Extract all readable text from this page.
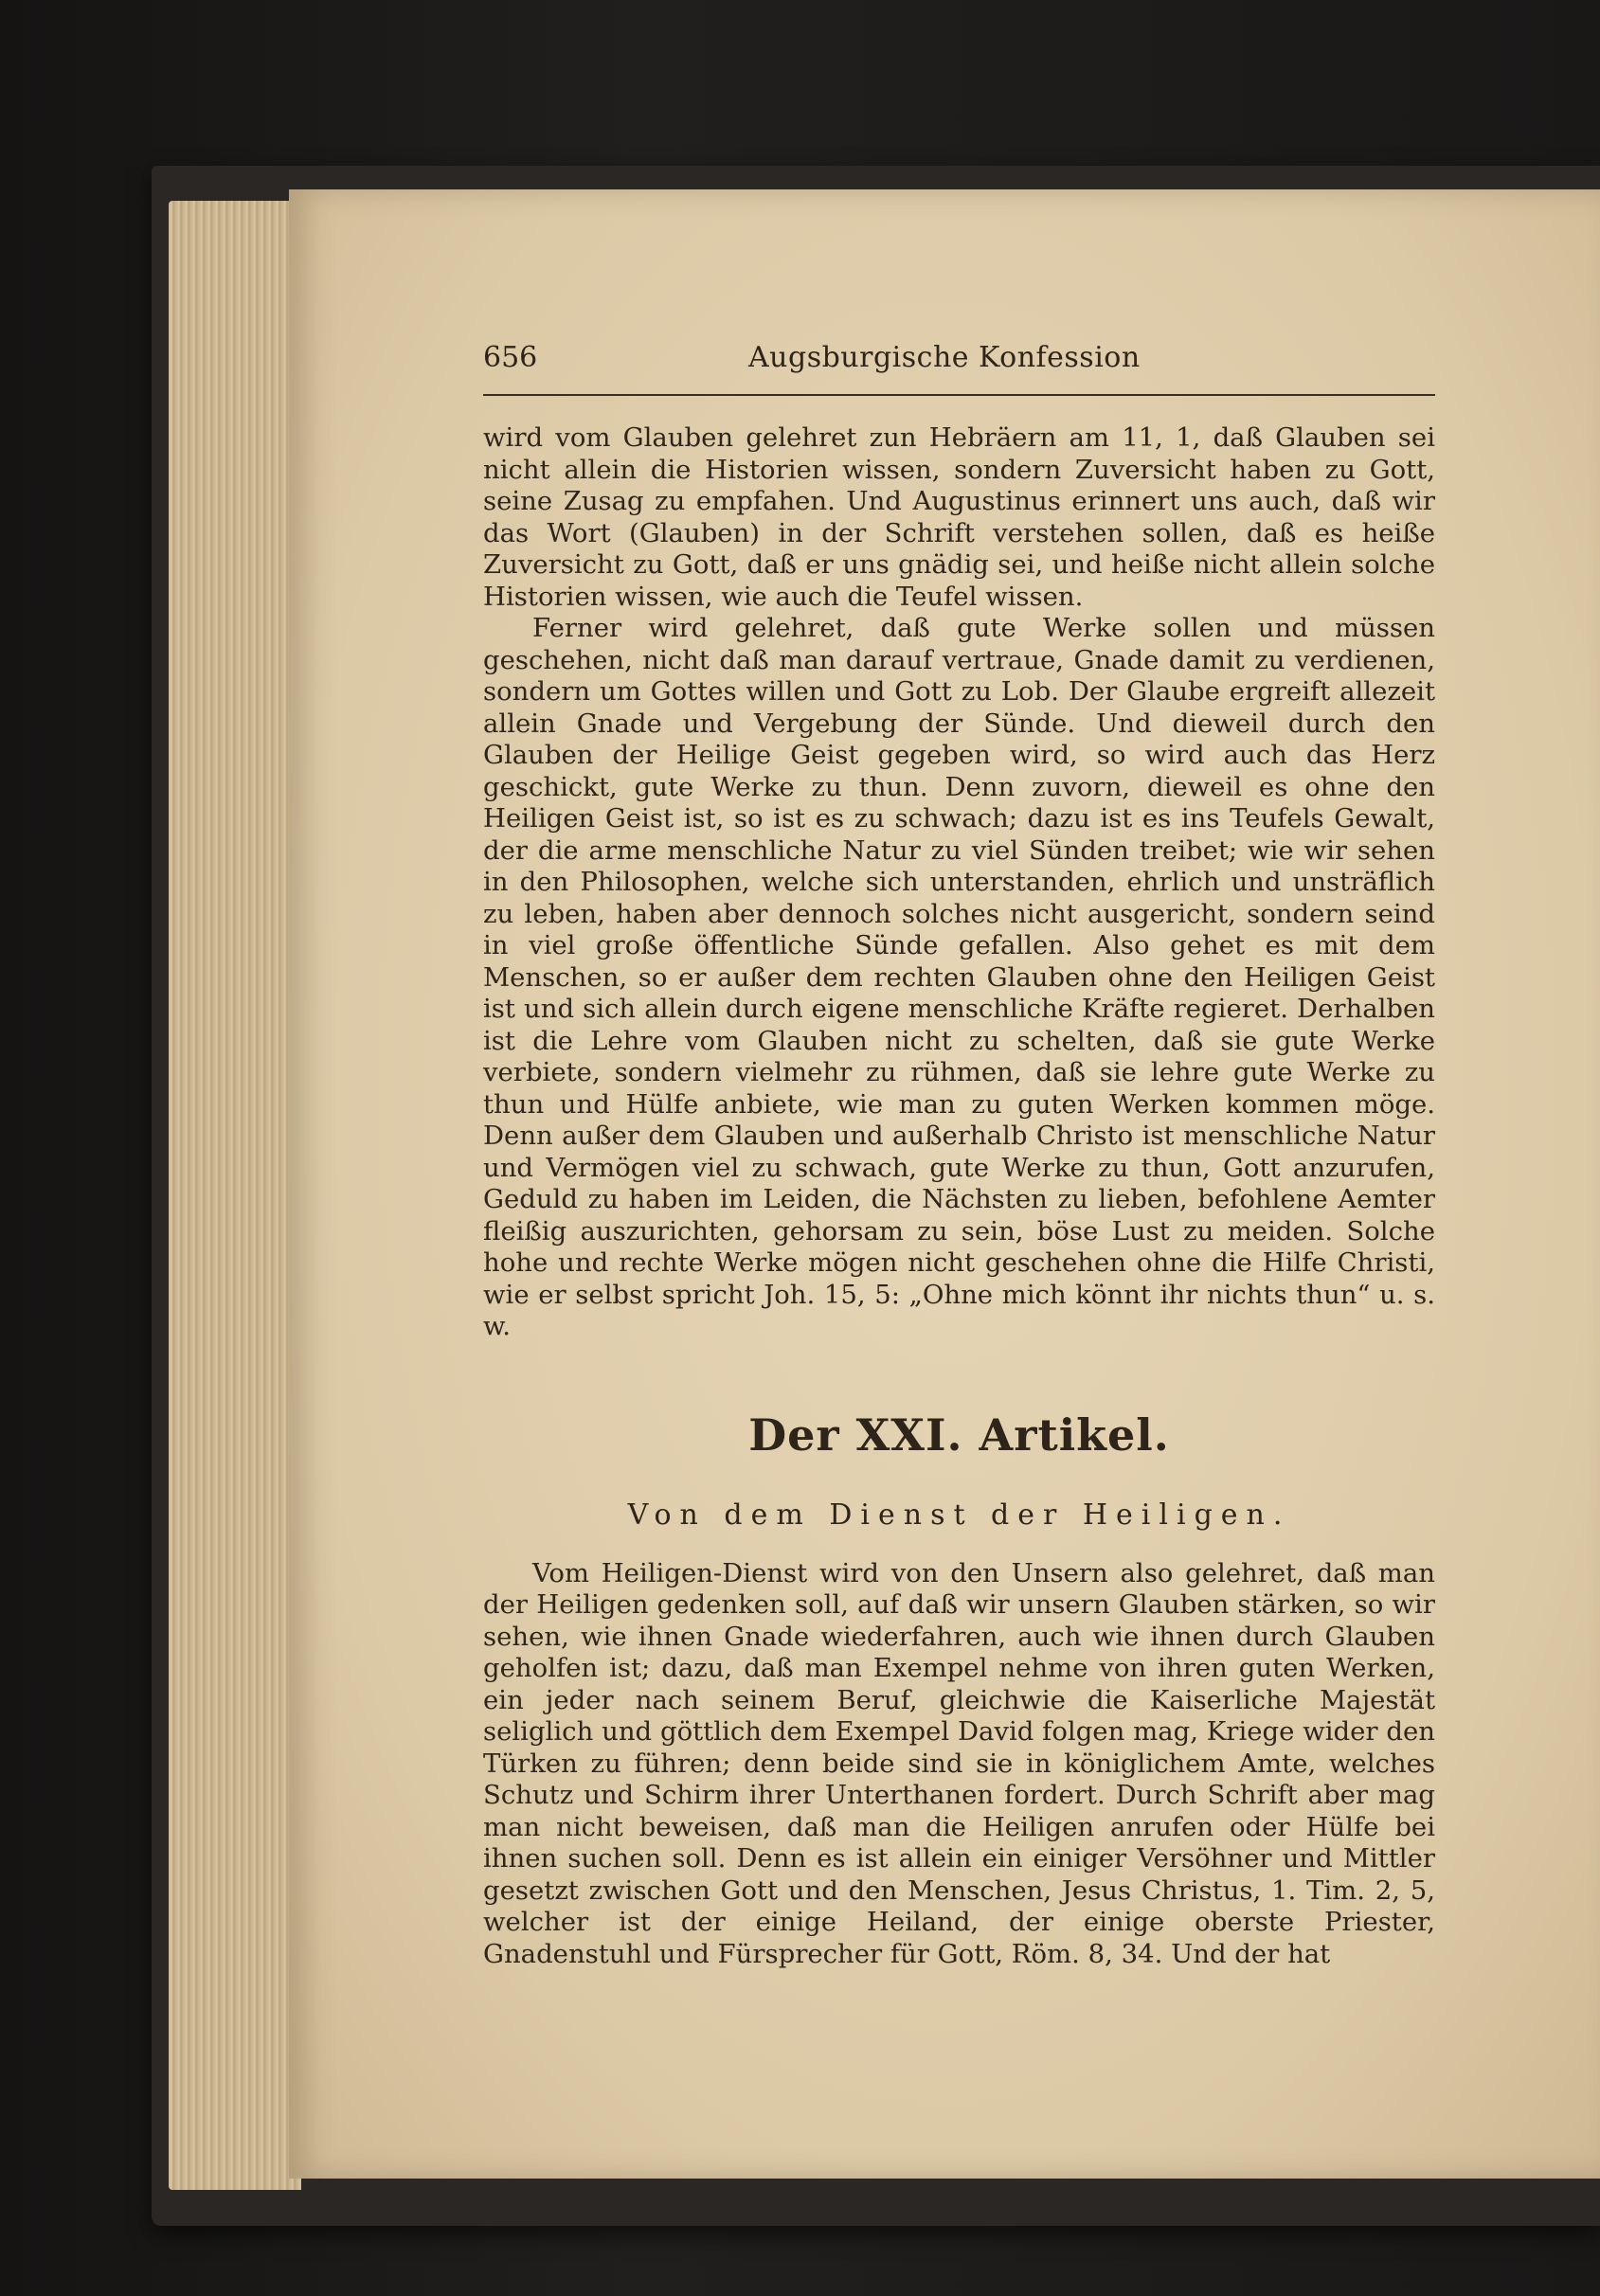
656	Augsburgische Konfession

wird vom Glauben gelehret zun Hebräern am 11, 1, daß Glauben sei nicht allein die Historien wissen, sondern Zuversicht haben zu Gott, seine Zusag zu empfahen. Und Augustinus erinnert uns auch, daß wir das Wort (Glauben) in der Schrift verstehen sollen, daß es heiße Zuversicht zu Gott, daß er uns gnädig sei, und heiße nicht allein solche Historien wissen, wie auch die Teufel wissen.

Ferner wird gelehret, daß gute Werke sollen und müssen geschehen, nicht daß man darauf vertraue, Gnade damit zu verdienen, sondern um Gottes willen und Gott zu Lob. Der Glaube ergreift allezeit allein Gnade und Vergebung der Sünde. Und dieweil durch den Glauben der Heilige Geist gegeben wird, so wird auch das Herz geschickt, gute Werke zu thun. Denn zuvorn, dieweil es ohne den Heiligen Geist ist, so ist es zu schwach; dazu ist es ins Teufels Gewalt, der die arme menschliche Natur zu viel Sünden treibet; wie wir sehen in den Philosophen, welche sich unterstanden, ehrlich und unsträflich zu leben, haben aber dennoch solches nicht ausgericht, sondern seind in viel große öffentliche Sünde gefallen. Also gehet es mit dem Menschen, so er außer dem rechten Glauben ohne den Heiligen Geist ist und sich allein durch eigene menschliche Kräfte regieret. Derhalben ist die Lehre vom Glauben nicht zu schelten, daß sie gute Werke verbiete, sondern vielmehr zu rühmen, daß sie lehre gute Werke zu thun und Hülfe anbiete, wie man zu guten Werken kommen möge. Denn außer dem Glauben und außerhalb Christo ist menschliche Natur und Vermögen viel zu schwach, gute Werke zu thun, Gott anzurufen, Geduld zu haben im Leiden, die Nächsten zu lieben, befohlene Aemter fleißig auszurichten, gehorsam zu sein, böse Lust zu meiden. Solche hohe und rechte Werke mögen nicht geschehen ohne die Hilfe Christi, wie er selbst spricht Joh. 15, 5: „Ohne mich könnt ihr nichts thun“ u. s. w.

Der XXI. Artikel.
Von dem Dienst der Heiligen.

Vom Heiligen-Dienst wird von den Unsern also gelehret, daß man der Heiligen gedenken soll, auf daß wir unsern Glauben stärken, so wir sehen, wie ihnen Gnade wiederfahren, auch wie ihnen durch Glauben geholfen ist; dazu, daß man Exempel nehme von ihren guten Werken, ein jeder nach seinem Beruf, gleichwie die Kaiserliche Majestät seliglich und göttlich dem Exempel David folgen mag, Kriege wider den Türken zu führen; denn beide sind sie in königlichem Amte, welches Schutz und Schirm ihrer Unterthanen fordert. Durch Schrift aber mag man nicht beweisen, daß man die Heiligen anrufen oder Hülfe bei ihnen suchen soll. Denn es ist allein ein einiger Versöhner und Mittler gesetzt zwischen Gott und den Menschen, Jesus Christus, 1. Tim. 2, 5, welcher ist der einige Heiland, der einige oberste Priester, Gnadenstuhl und Fürsprecher für Gott, Röm. 8, 34. Und der hat
